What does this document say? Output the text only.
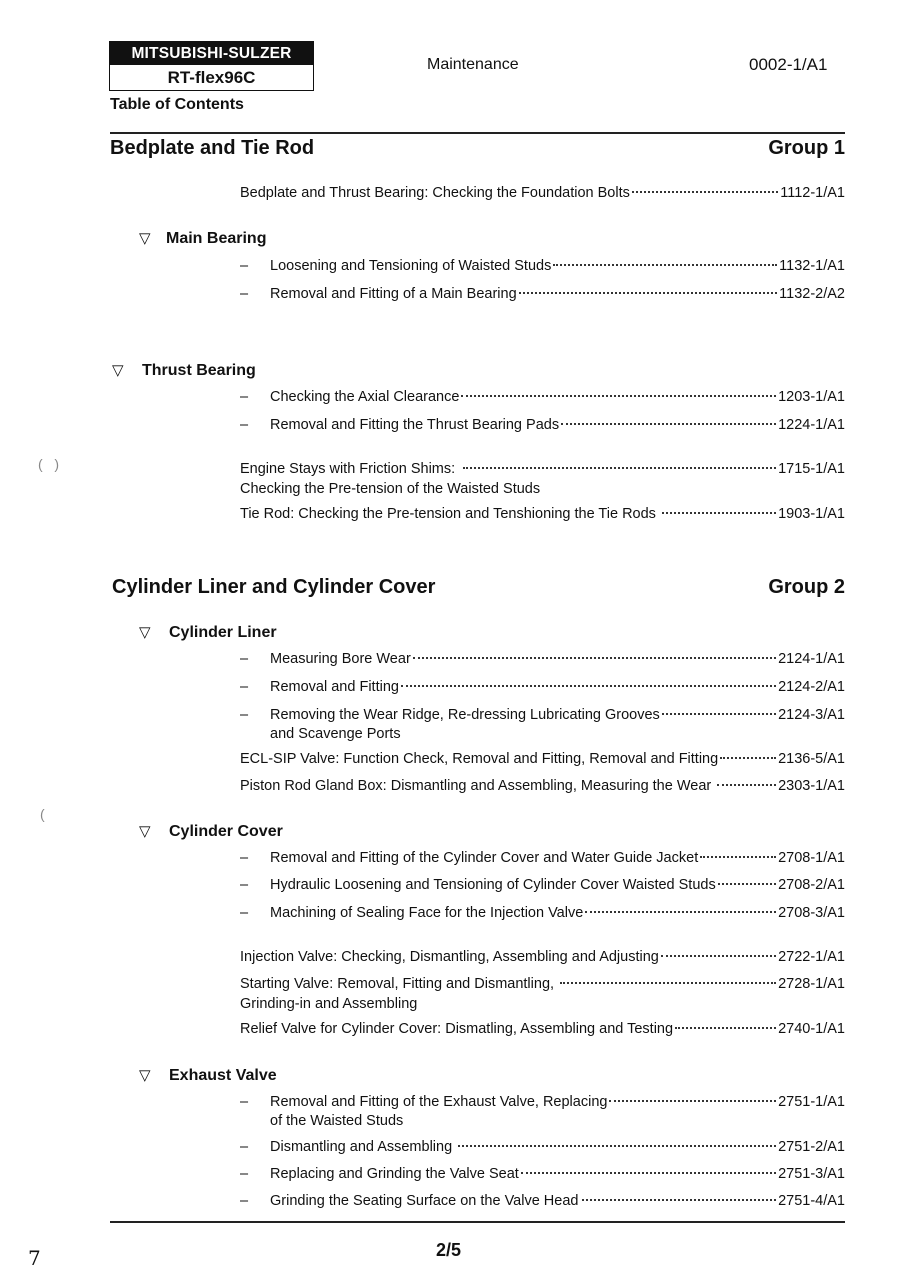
MITSUBISHI-SULZER
RT-flex96C
Table of Contents
Maintenance	0002-1/A1
Bedplate and Tie Rod	Group 1
Bedplate and Thrust Bearing: Checking the Foundation Bolts	1112-1/A1
▽ Main Bearing
–	Loosening and Tensioning of Waisted Studs	1132-1/A1
–	Removal and Fitting of a Main Bearing	1132-2/A2
▽ Thrust Bearing
–	Checking the Axial Clearance	1203-1/A1
–	Removal and Fitting the Thrust Bearing Pads	1224-1/A1
Engine Stays with Friction Shims:	1715-1/A1
Checking the Pre-tension of the Waisted Studs
Tie Rod: Checking the Pre-tension and Tenshioning the Tie Rods	1903-1/A1
Cylinder Liner and Cylinder Cover	Group 2
▽ Cylinder Liner
–	Measuring Bore Wear	2124-1/A1
–	Removal and Fitting	2124-2/A1
–	Removing the Wear Ridge, Re-dressing Lubricating Grooves	2124-3/A1
and Scavenge Ports
ECL-SIP Valve: Function Check, Removal and Fitting, Removal and Fitting	2136-5/A1
Piston Rod Gland Box: Dismantling and Assembling, Measuring the Wear	2303-1/A1
▽ Cylinder Cover
–	Removal and Fitting of the Cylinder Cover and Water Guide Jacket	2708-1/A1
–	Hydraulic Loosening and Tensioning of Cylinder Cover Waisted Studs	2708-2/A1
–	Machining of Sealing Face for the Injection Valve	2708-3/A1
Injection Valve: Checking, Dismantling, Assembling and Adjusting	2722-1/A1
Starting Valve: Removal, Fitting and Dismantling,	2728-1/A1
Grinding-in and Assembling
Relief Valve for Cylinder Cover: Dismatling, Assembling and Testing	2740-1/A1
▽ Exhaust Valve
–	Removal and Fitting of the Exhaust Valve, Replacing	2751-1/A1
of the Waisted Studs
–	Dismantling and Assembling	2751-2/A1
–	Replacing and Grinding the Valve Seat	2751-3/A1
–	Grinding the Seating Surface on the Valve Head	2751-4/A1
2/5
7
(   )
(
